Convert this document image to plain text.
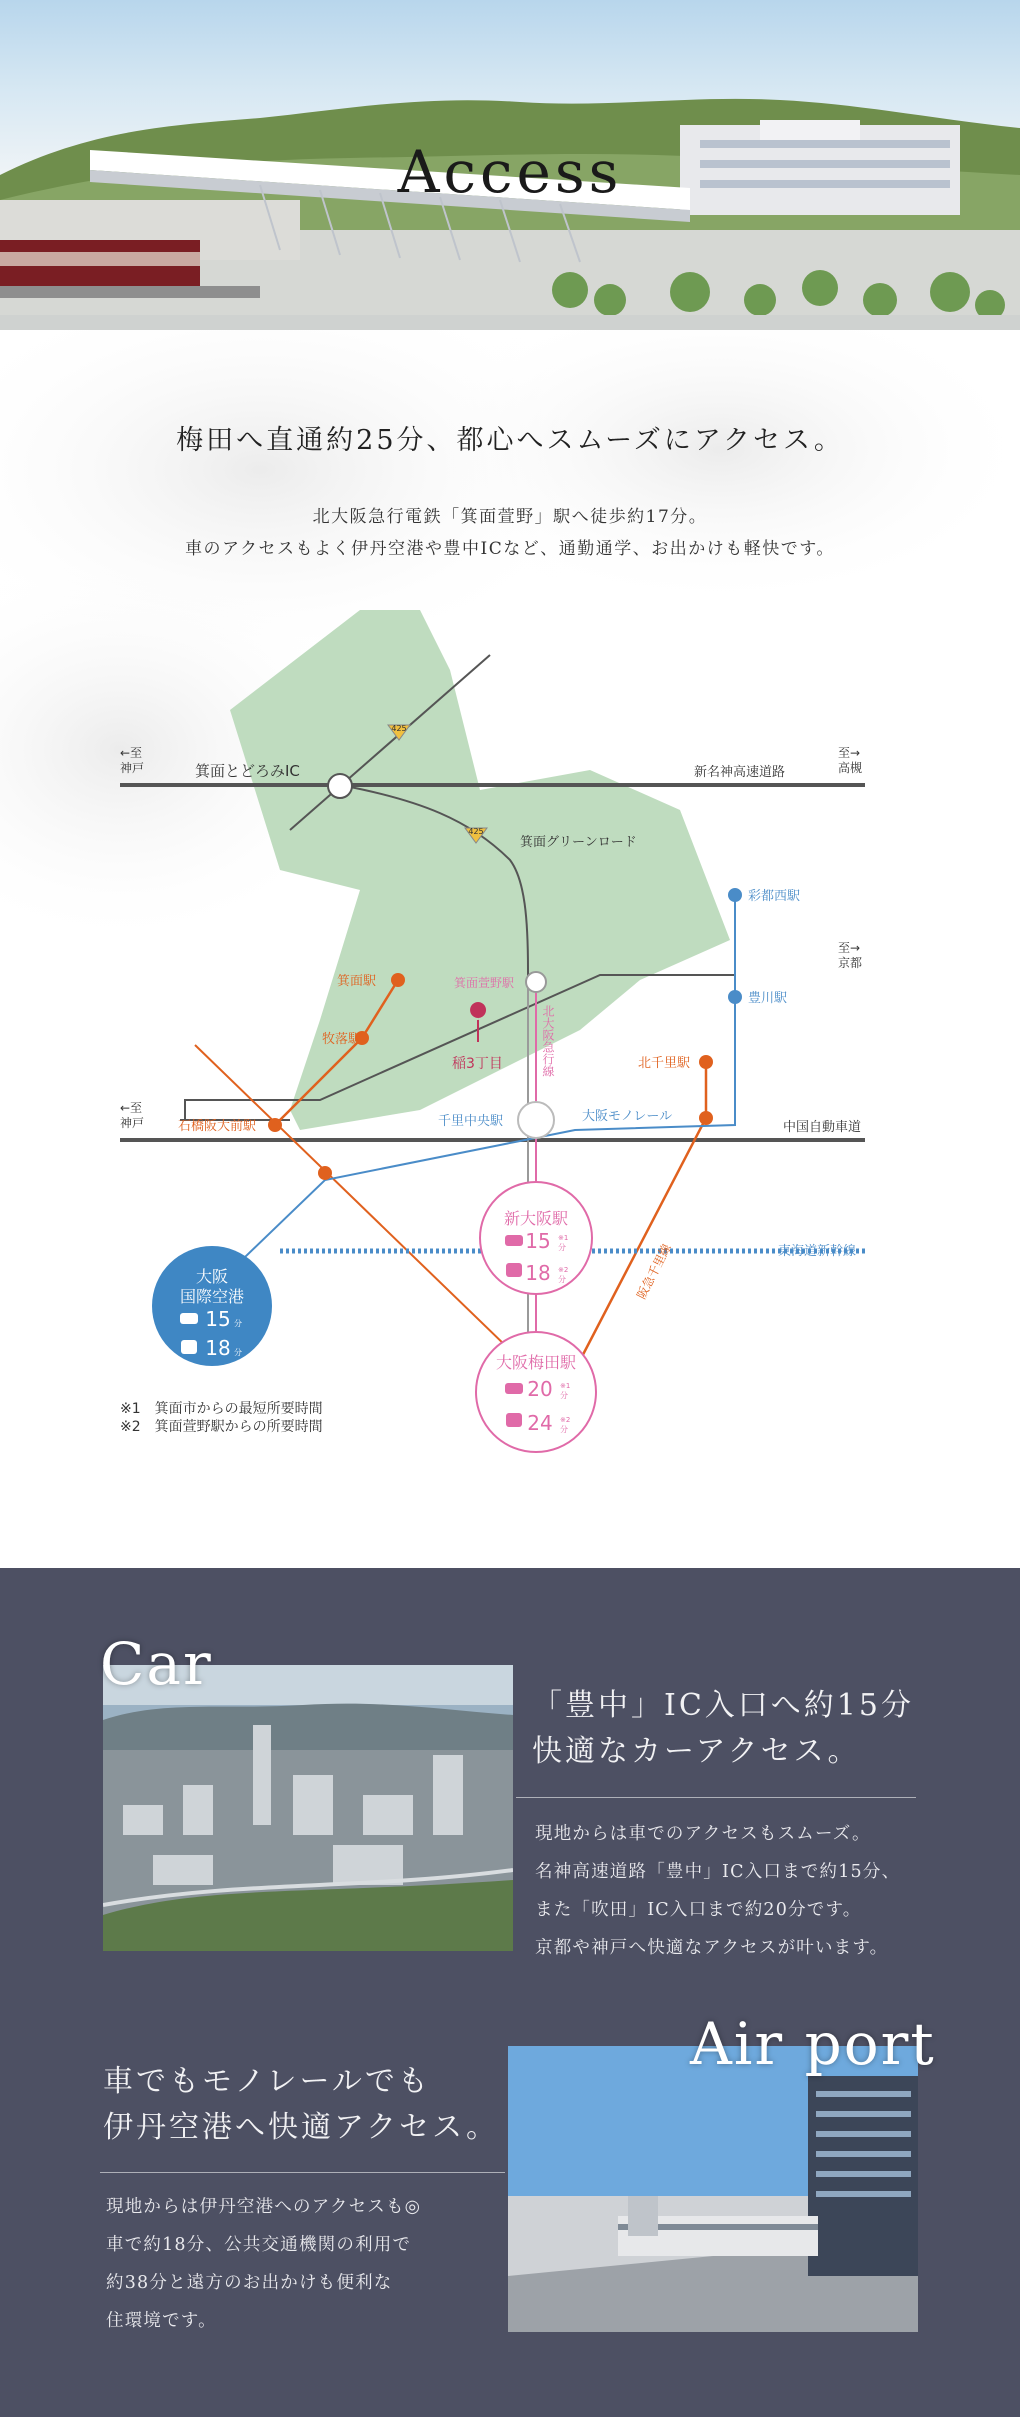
Access
梅田へ直通約25分、都心へスムーズにアクセス。
北大阪急行電鉄「箕面萱野」駅へ徒歩約17分。
車のアクセスもよく伊丹空港や豊中ICなど、通勤通学、お出かけも軽快です。
425
425
←至
神戸
至→
高槻
至→
京都
←至
神戸
箕面とどろみIC	新名神高速道路
中国自動車道
箕面グリーンロード
箕面駅
牧落駅
石橋阪大前駅
北千里駅
彩都西駅
豊川駅
千里中央駅	大阪モノレール
東海道新幹線
箕面萱野駅
北大阪急行線
阪急千里線
稲3丁目
新大阪駅
15 ※1
分
18 ※2
分
大阪梅田駅
20 ※1
分
24 ※2
分
大阪
国際空港
15 分
18 分
※1　箕面市からの最短所要時間
※2　箕面萱野駅からの所要時間
Car
「豊中」IC入口へ約15分
快適なカーアクセス。
現地からは車でのアクセスもスムーズ。
名神高速道路「豊中」IC入口まで約15分、
また「吹田」IC入口まで約20分です。
京都や神戸へ快適なアクセスが叶います。
Air port
車でもモノレールでも
伊丹空港へ快適アクセス。
現地からは伊丹空港へのアクセスも◎
車で約18分、公共交通機関の利用で
約38分と遠方のお出かけも便利な
住環境です。
